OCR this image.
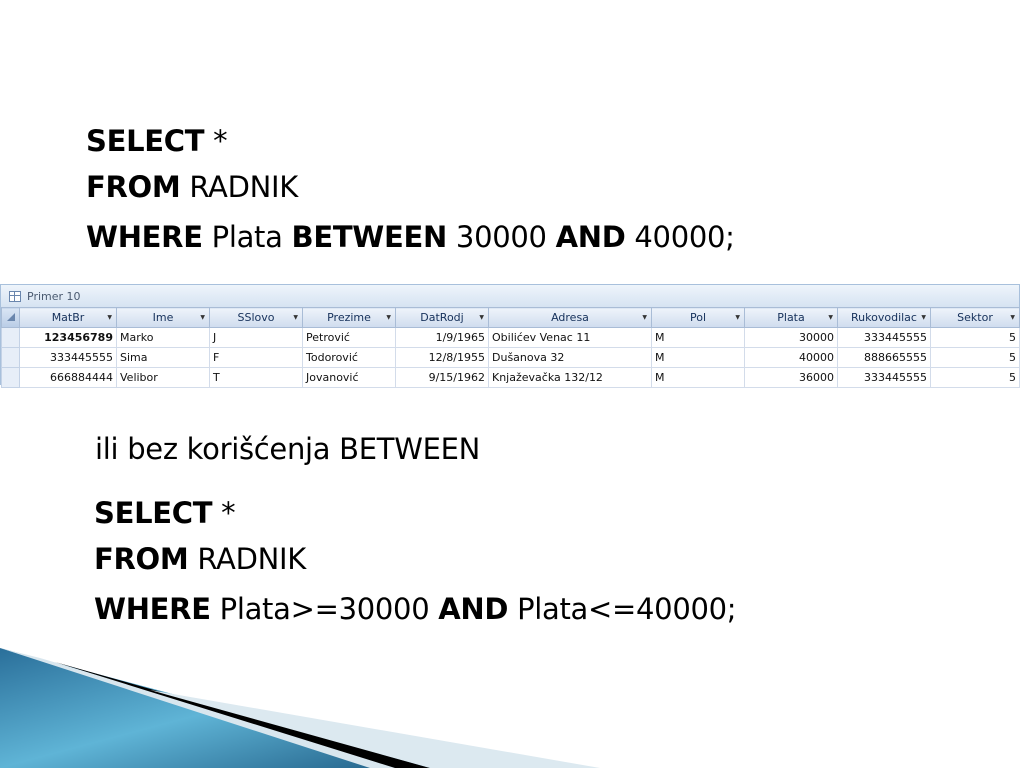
SELECT *
FROM RADNIK
WHERE Plata BETWEEN 30000 AND 40000;
Primer 10
	MatBr ▼	Ime ▼	SSlovo ▼	Prezime ▼	DatRodj ▼	Adresa ▼	Pol ▼	Plata ▼	Rukovodilac ▼	Sektor ▼

	123456789	Marko	J	Petrović	1/9/1965	Obilićev Venac 11	M	30000	333445555	5
	333445555	Sima	F	Todorović	12/8/1955	Dušanova 32	M	40000	888665555	5
	666884444	Velibor	T	Jovanović	9/15/1962	Knjaževačka 132/12	M	36000	333445555	5
ili bez korišćenja BETWEEN
SELECT *
FROM RADNIK
WHERE Plata>=30000 AND Plata<=40000;
